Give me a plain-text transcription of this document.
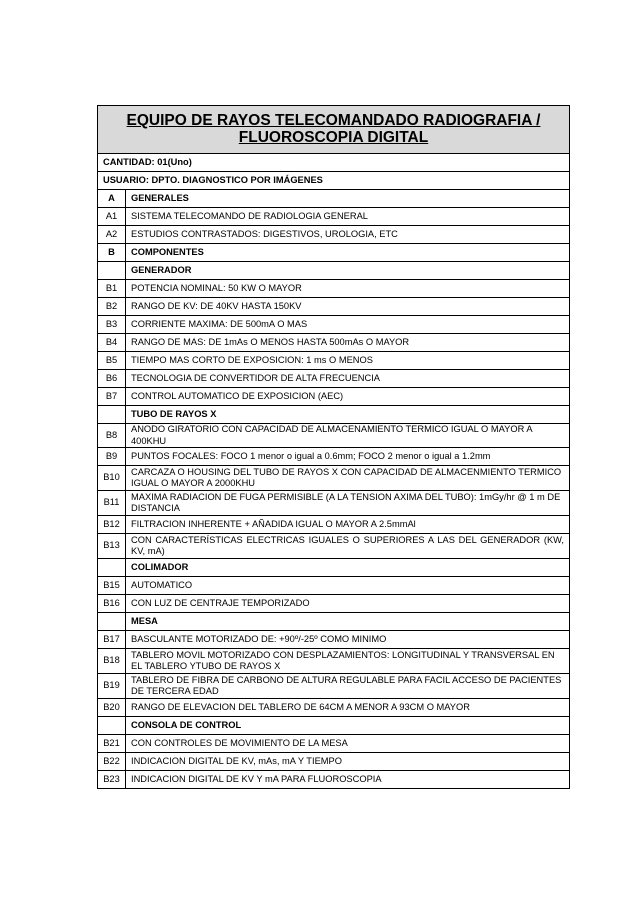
EQUIPO DE RAYOS TELECOMANDADO RADIOGRAFIA / FLUOROSCOPIA DIGITAL	
CANTIDAD: 01(Uno)	
USUARIO: DPTO. DIAGNOSTICO POR IMÁGENES	
A	GENERALES
A1	SISTEMA TELECOMANDO DE RADIOLOGIA GENERAL
A2	ESTUDIOS CONTRASTADOS: DIGESTIVOS, UROLOGIA, ETC
B	COMPONENTES
	GENERADOR
B1	POTENCIA NOMINAL: 50 KW O MAYOR
B2	RANGO DE KV: DE 40KV HASTA 150KV
B3	CORRIENTE MAXIMA: DE 500mA O MAS
B4	RANGO DE MAS: DE 1mAs O MENOS HASTA 500mAs O MAYOR
B5	TIEMPO MAS CORTO DE EXPOSICION: 1 ms O MENOS
B6	TECNOLOGIA DE CONVERTIDOR DE ALTA FRECUENCIA
B7	CONTROL AUTOMATICO DE EXPOSICION (AEC)
	TUBO DE RAYOS X
B8	ANODO GIRATORIO CON CAPACIDAD DE ALMACENAMIENTO TERMICO IGUAL O MAYOR A 400KHU
B9	PUNTOS FOCALES: FOCO 1 menor o igual a 0.6mm; FOCO 2 menor o igual a 1.2mm
B10	CARCAZA O HOUSING DEL TUBO DE RAYOS X CON CAPACIDAD DE ALMACENMIENTO TERMICO IGUAL O MAYOR A 2000KHU
B11	MAXIMA RADIACION DE FUGA PERMISIBLE (A LA TENSION AXIMA DEL TUBO): 1mGy/hr @ 1 m DE DISTANCIA
B12	FILTRACION INHERENTE + AÑADIDA IGUAL O MAYOR A 2.5mmAl
B13	CON CARACTERÍSTICAS ELECTRICAS IGUALES O SUPERIORES A LAS DEL GENERADOR (KW, KV, mA)
	COLIMADOR
B15	AUTOMATICO
B16	CON LUZ DE CENTRAJE TEMPORIZADO
	MESA
B17	BASCULANTE MOTORIZADO DE: +90º/-25º COMO MINIMO
B18	TABLERO MOVIL MOTORIZADO CON DESPLAZAMIENTOS: LONGITUDINAL Y TRANSVERSAL EN EL TABLERO YTUBO DE RAYOS X
B19	TABLERO DE FIBRA DE CARBONO DE ALTURA REGULABLE PARA FACIL ACCESO DE PACIENTES DE TERCERA EDAD
B20	RANGO DE ELEVACION DEL TABLERO DE 64CM A MENOR A 93CM O MAYOR
	CONSOLA DE CONTROL
B21	CON CONTROLES DE MOVIMIENTO DE LA MESA
B22	INDICACION DIGITAL DE KV, mAs, mA Y TIEMPO
B23	INDICACION DIGITAL DE KV Y mA PARA FLUOROSCOPIA
